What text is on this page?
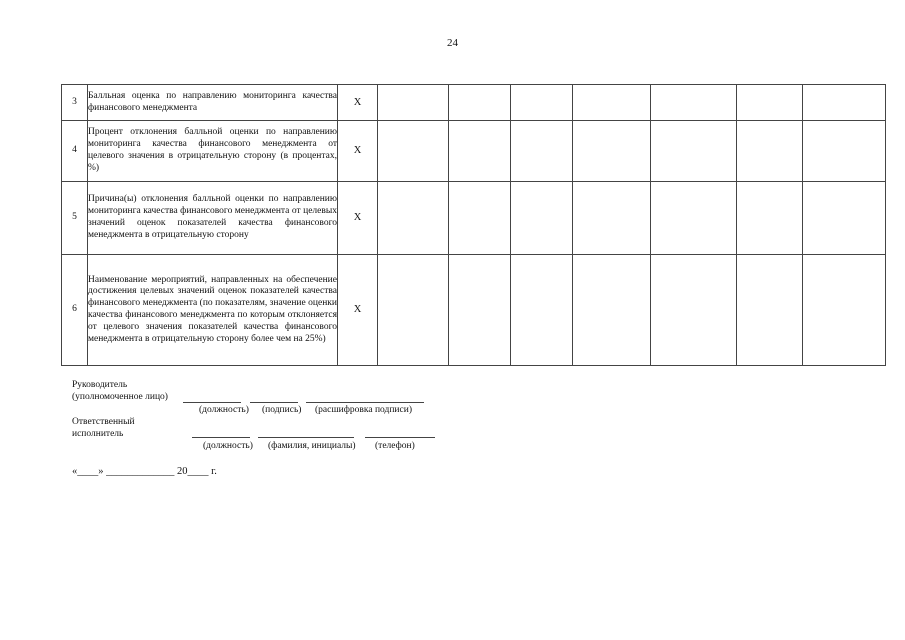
24
3	Балльная оценка по направлению мониторинга качества финансового менеджмента	X							
4	Процент отклонения балльной оценки по направлению мониторинга качества финансового менеджмента от целевого значения в отрицательную сторону (в процентах, %)	X							
5	Причина(ы) отклонения балльной оценки по направлению мониторинга качества финансового менеджмента от целевых значений оценок показателей качества финансового менеджмента в отрицательную сторону	X							
6	Наименование мероприятий, направленных на обеспечение достижения целевых значений оценок показателей качества финансового менеджмента (по показателям, значение оценки качества финансового менеджмента по которым отклоняется от целевого значения показателей качества финансового менеджмента в отрицательную сторону более чем на 25%)	X							
Руководитель
(уполномоченное лицо)
(должность) (подпись) (расшифровка подписи)
Ответственный
исполнитель
(должность) (фамилия, инициалы) (телефон)
«____» _____________ 20____ г.
